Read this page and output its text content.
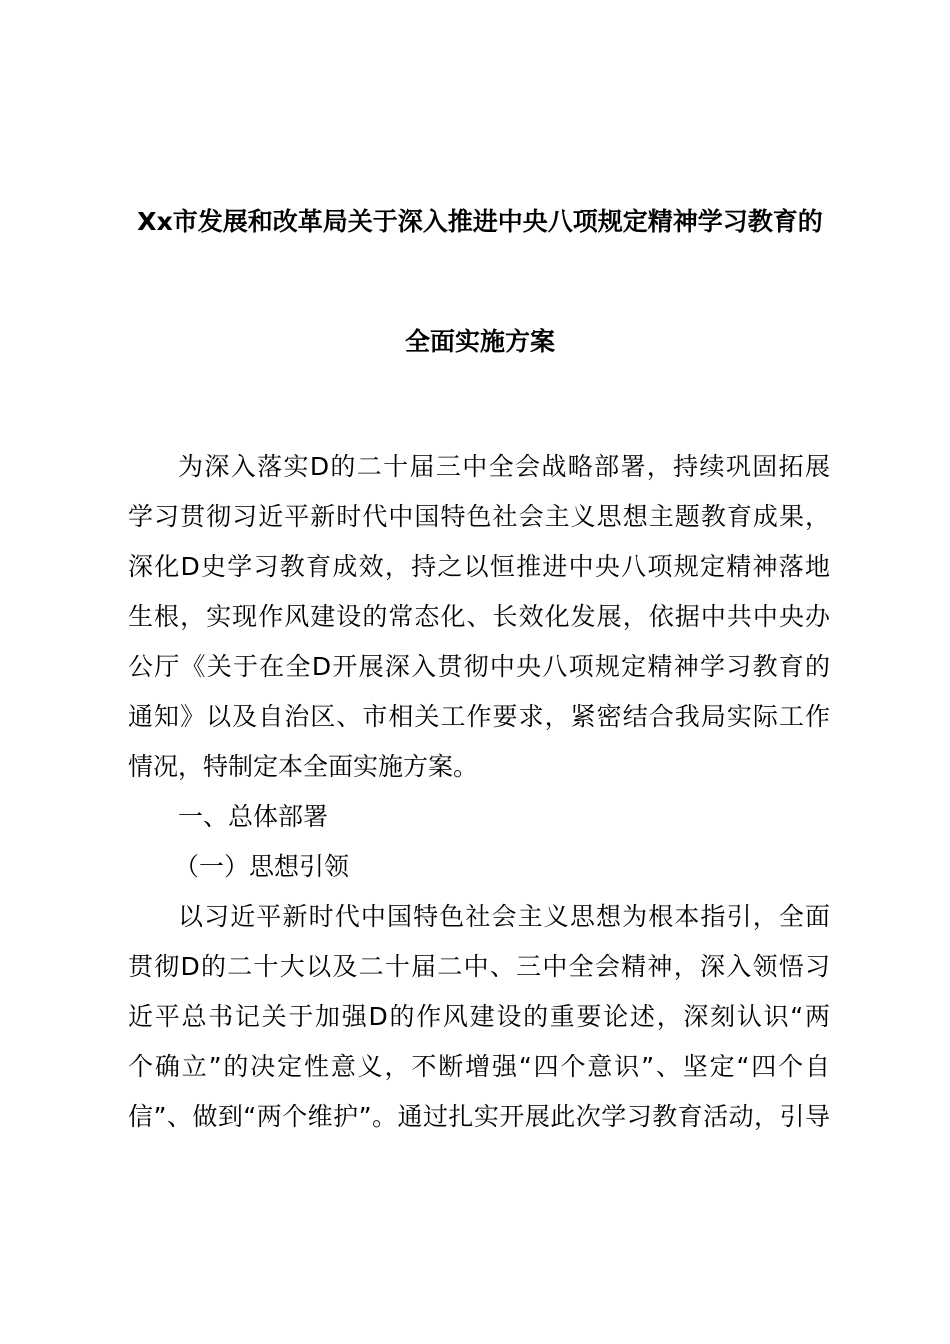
Xx市发展和改革局关于深入推进中央八项规定精神学习教育的
全面实施方案

为深入落实D的二十届三中全会战略部署，持续巩固拓展

学习贯彻习近平新时代中国特色社会主义思想主题教育成果，

深化D史学习教育成效，持之以恒推进中央八项规定精神落地

生根，实现作风建设的常态化、长效化发展，依据中共中央办

公厅《关于在全D开展深入贯彻中央八项规定精神学习教育的

通知》以及自治区、市相关工作要求，紧密结合我局实际工作

情况，特制定本全面实施方案。

一、总体部署

（一）思想引领

以习近平新时代中国特色社会主义思想为根本指引，全面

贯彻D的二十大以及二十届二中、三中全会精神，深入领悟习

近平总书记关于加强D的作风建设的重要论述，深刻认识“两

个确立”的决定性意义，不断增强“四个意识”、坚定“四个自

信”、做到“两个维护”。通过扎实开展此次学习教育活动，引导
